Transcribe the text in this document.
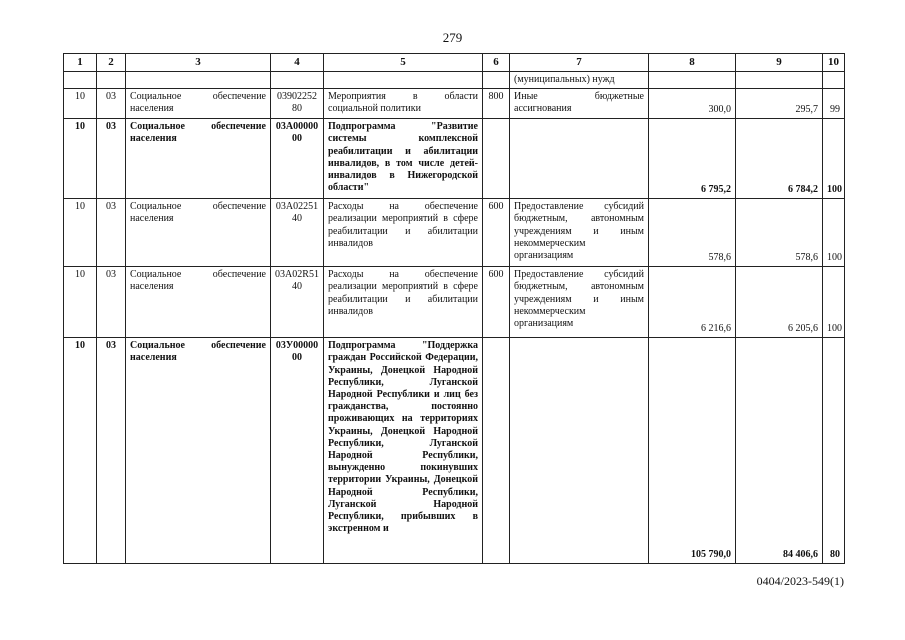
279
1	2	3	4	5	6	7	8	9	10
						(муниципальных) нужд			
10	03	Социальное обеспечение населения	0390225280	Мероприятия в области социальной политики	800	Иные бюджетные ассигнования	300,0	295,7	99
10	03	Социальное обеспечение населения	03А0000000	Подпрограмма "Развитие системы комплексной реабилитации и абилитации инвалидов, в том числе детей-инвалидов в Нижегородской области"			6 795,2	6 784,2	100
10	03	Социальное обеспечение населения	03А0225140	Расходы на обеспечение реализации мероприятий в сфере реабилитации и абилитации инвалидов	600	Предоставление субсидий бюджетным, автономным учреждениям и иным некоммерческим организациям	578,6	578,6	100
10	03	Социальное обеспечение населения	03А02R5140	Расходы на обеспечение реализации мероприятий в сфере реабилитации и абилитации инвалидов	600	Предоставление субсидий бюджетным, автономным учреждениям и иным некоммерческим организациям	6 216,6	6 205,6	100
10	03	Социальное обеспечение населения	03У0000000	Подпрограмма "Поддержка граждан Российской Федерации, Украины, Донецкой Народной Республики, Луганской Народной Республики и лиц без гражданства, постоянно проживающих на территориях Украины, Донецкой Народной Республики, Луганской Народной Республики, вынужденно покинувших территории Украины, Донецкой Народной Республики, Луганской Народной Республики, прибывших в экстренном и			105 790,0	84 406,6	80
0404/2023-549(1)
